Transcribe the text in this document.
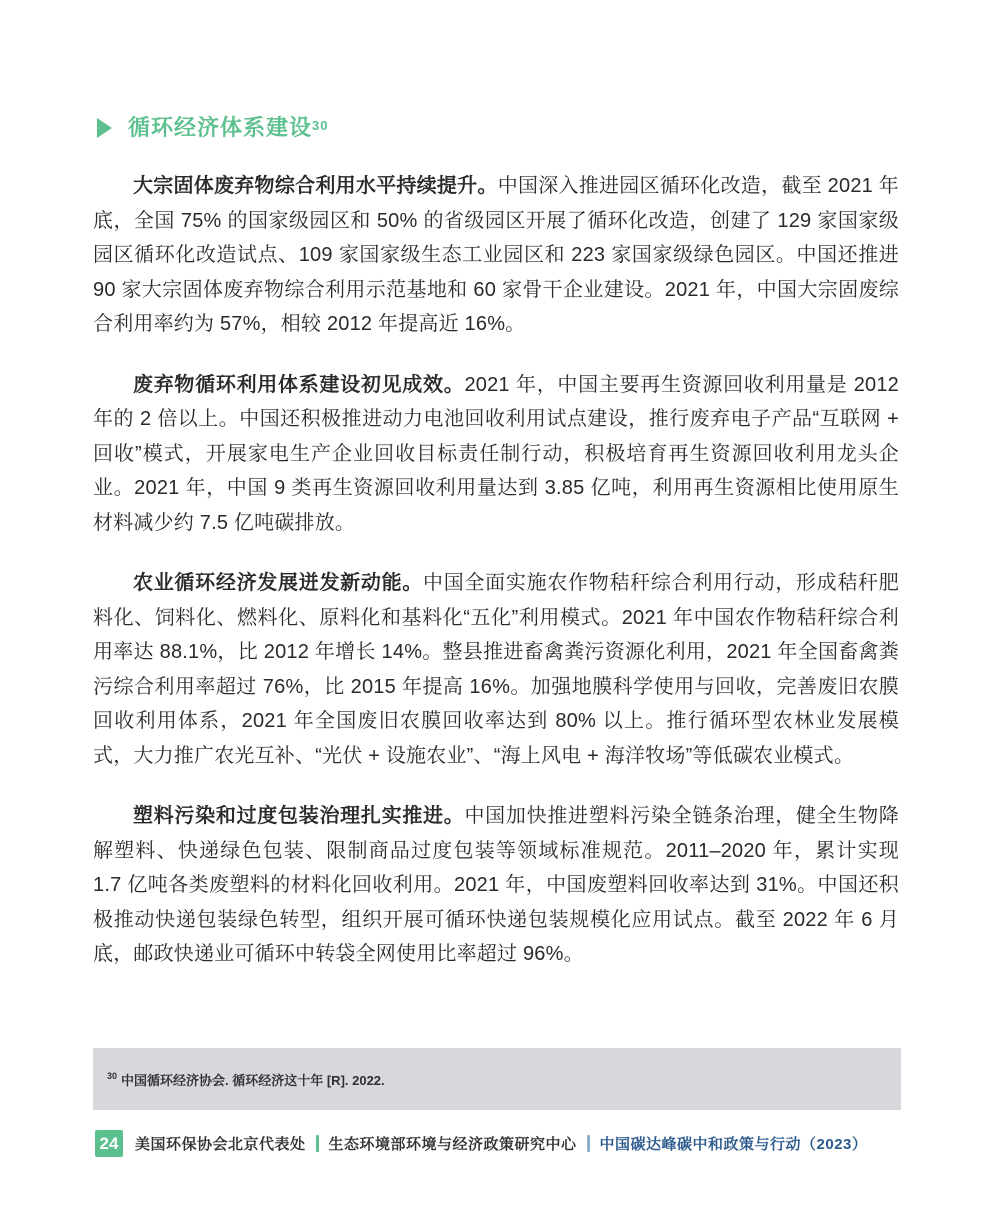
循环经济体系建设 30

大宗固体废弃物综合利用水平持续提升。中国深入推进园区循环化改造，截至 2021 年底，全国 75% 的国家级园区和 50% 的省级园区开展了循环化改造，创建了 129 家国家级园区循环化改造试点、109 家国家级生态工业园区和 223 家国家级绿色园区。中国还推进 90 家大宗固体废弃物综合利用示范基地和 60 家骨干企业建设。2021 年，中国大宗固废综合利用率约为 57%，相较 2012 年提高近 16%。

废弃物循环利用体系建设初见成效。2021 年，中国主要再生资源回收利用量是 2012 年的 2 倍以上。中国还积极推进动力电池回收利用试点建设，推行废弃电子产品“互联网 + 回收”模式，开展家电生产企业回收目标责任制行动，积极培育再生资源回收利用龙头企业。2021 年，中国 9 类再生资源回收利用量达到 3.85 亿吨，利用再生资源相比使用原生材料减少约 7.5 亿吨碳排放。

农业循环经济发展迸发新动能。中国全面实施农作物秸秆综合利用行动，形成秸秆肥料化、饲料化、燃料化、原料化和基料化“五化”利用模式。2021 年中国农作物秸秆综合利用率达 88.1%，比 2012 年增长 14%。整县推进畜禽粪污资源化利用，2021 年全国畜禽粪污综合利用率超过 76%，比 2015 年提高 16%。加强地膜科学使用与回收，完善废旧农膜回收利用体系，2021 年全国废旧农膜回收率达到 80% 以上。推行循环型农林业发展模式，大力推广农光互补、“光伏 + 设施农业”、“海上风电 + 海洋牧场”等低碳农业模式。

塑料污染和过度包装治理扎实推进。中国加快推进塑料污染全链条治理，健全生物降解塑料、快递绿色包装、限制商品过度包装等领域标准规范。2011–2020 年，累计实现 1.7 亿吨各类废塑料的材料化回收利用。2021 年，中国废塑料回收率达到 31%。中国还积极推动快递包装绿色转型，组织开展可循环快递包装规模化应用试点。截至 2022 年 6 月底，邮政快递业可循环中转袋全网使用比率超过 96%。

$^{30}$ 中国循环经济协会. 循环经济这十年 [R]. 2022.
24	美国环保协会北京代表处 生态环境部环境与经济政策研究中心 中国碳达峰碳中和政策与行动（2023）
